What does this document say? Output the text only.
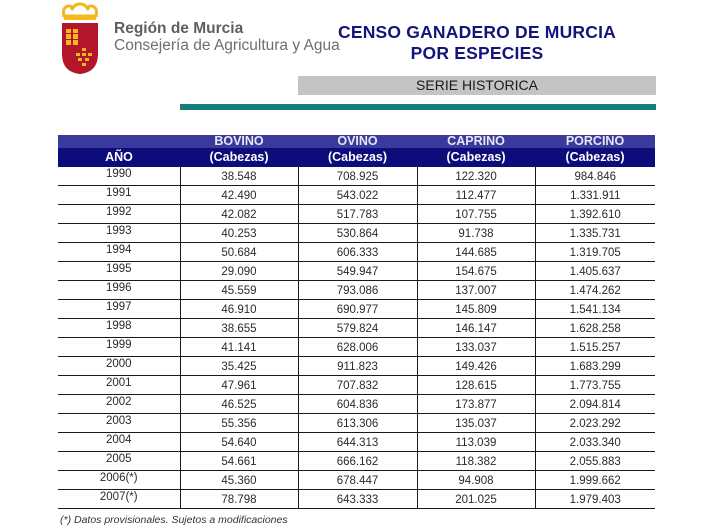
Región de Murcia
Consejería de Agricultura y Agua
CENSO GANADERO DE MURCIA
POR ESPECIES
SERIE HISTORICA
	BOVINO	OVINO	CAPRINO	PORCINO
AÑO	(Cabezas)	(Cabezas)	(Cabezas)	(Cabezas)
1990	38.548	708.925	122.320	984.846
1991	42.490	543.022	112.477	1.331.911
1992	42.082	517.783	107.755	1.392.610
1993	40.253	530.864	91.738	1.335.731
1994	50.684	606.333	144.685	1.319.705
1995	29.090	549.947	154.675	1.405.637
1996	45.559	793.086	137.007	1.474.262
1997	46.910	690.977	145.809	1.541.134
1998	38.655	579.824	146.147	1.628.258
1999	41.141	628.006	133.037	1.515.257
2000	35.425	911.823	149.426	1.683.299
2001	47.961	707.832	128.615	1.773.755
2002	46.525	604.836	173.877	2.094.814
2003	55.356	613.306	135.037	2.023.292
2004	54.640	644.313	113.039	2.033.340
2005	54.661	666.162	118.382	2.055.883
2006(*)	45.360	678.447	94.908	1.999.662
2007(*)	78.798	643.333	201.025	1.979.403
(*) Datos provisionales. Sujetos a modificaciones
